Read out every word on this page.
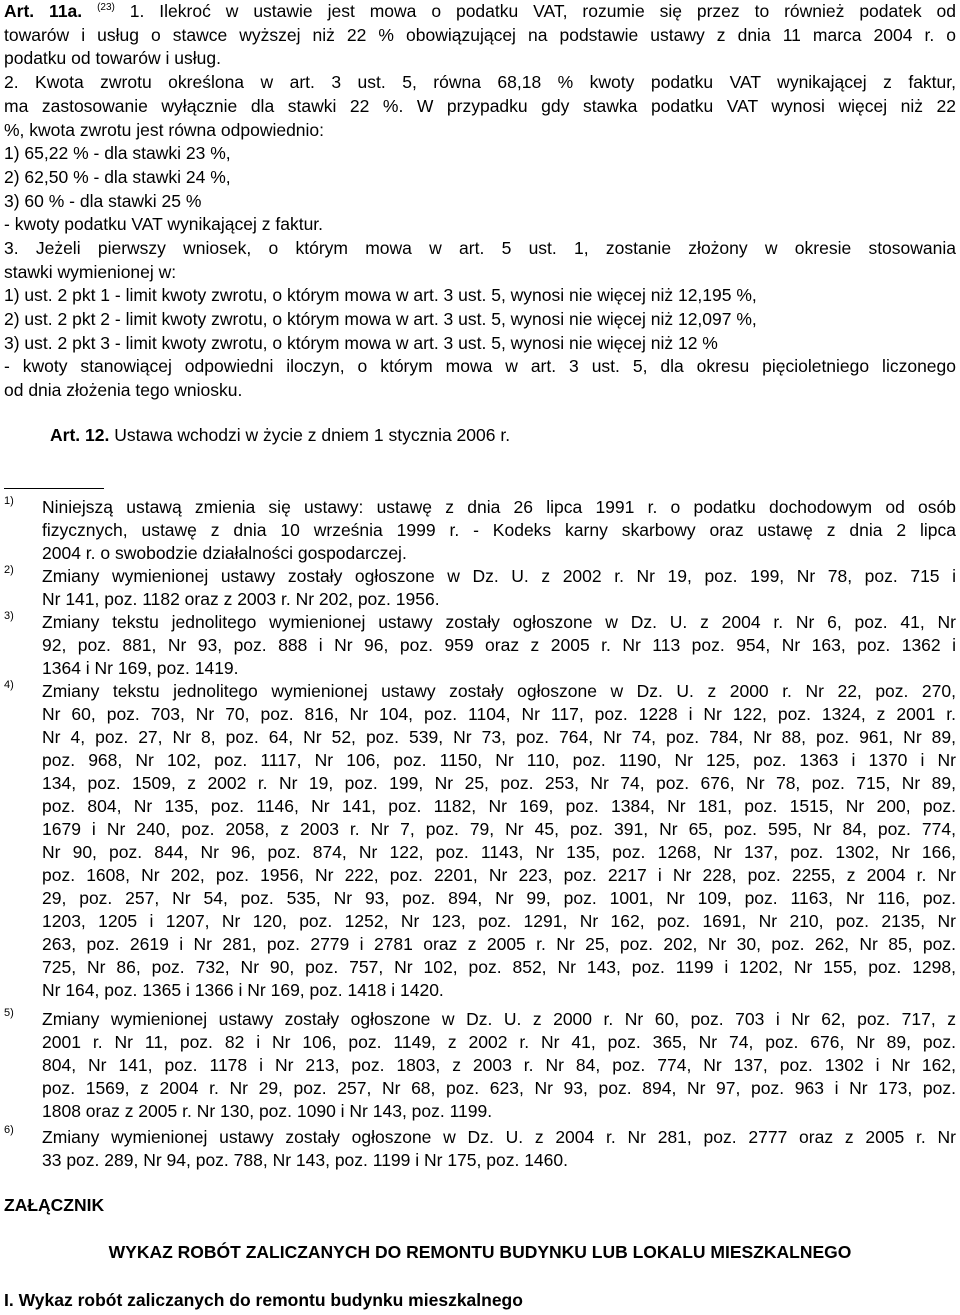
Art. 11a. $^{(23)}$ 1. Ilekroć w ustawie jest mowa o podatku VAT, rozumie się przez to również podatek od
towarów i usług o stawce wyższej niż 22 % obowiązującej na podstawie ustawy z dnia 11 marca 2004 r. o
podatku od towarów i usług.
2. Kwota zwrotu określona w art. 3 ust. 5, równa 68,18 % kwoty podatku VAT wynikającej z faktur,
ma zastosowanie wyłącznie dla stawki 22 %. W przypadku gdy stawka podatku VAT wynosi więcej niż 22
%, kwota zwrotu jest równa odpowiednio:
1) 65,22 % - dla stawki 23 %,
2) 62,50 % - dla stawki 24 %,
3) 60 % - dla stawki 25 %
- kwoty podatku VAT wynikającej z faktur.
3. Jeżeli pierwszy wniosek, o którym mowa w art. 5 ust. 1, zostanie złożony w okresie stosowania
stawki wymienionej w:
1) ust. 2 pkt 1 - limit kwoty zwrotu, o którym mowa w art. 3 ust. 5, wynosi nie więcej niż 12,195 %,
2) ust. 2 pkt 2 - limit kwoty zwrotu, o którym mowa w art. 3 ust. 5, wynosi nie więcej niż 12,097 %,
3) ust. 2 pkt 3 - limit kwoty zwrotu, o którym mowa w art. 3 ust. 5, wynosi nie więcej niż 12 %
- kwoty stanowiącej odpowiedni iloczyn, o którym mowa w art. 3 ust. 5, dla okresu pięcioletniego liczonego
od dnia złożenia tego wniosku.
Art. 12. Ustawa wchodzi w życie z dniem 1 stycznia 2006 r.
1) Niniejszą ustawą zmienia się ustawy: ustawę z dnia 26 lipca 1991 r. o podatku dochodowym od osób
fizycznych, ustawę z dnia 10 września 1999 r. - Kodeks karny skarbowy oraz ustawę z dnia 2 lipca
2004 r. o swobodzie działalności gospodarczej.
2) Zmiany wymienionej ustawy zostały ogłoszone w Dz. U. z 2002 r. Nr 19, poz. 199, Nr 78, poz. 715 i
Nr 141, poz. 1182 oraz z 2003 r. Nr 202, poz. 1956.
3) Zmiany tekstu jednolitego wymienionej ustawy zostały ogłoszone w Dz. U. z 2004 r. Nr 6, poz. 41, Nr
92, poz. 881, Nr 93, poz. 888 i Nr 96, poz. 959 oraz z 2005 r. Nr 113 poz. 954, Nr 163, poz. 1362 i
1364 i Nr 169, poz. 1419.
4) Zmiany tekstu jednolitego wymienionej ustawy zostały ogłoszone w Dz. U. z 2000 r. Nr 22, poz. 270,
Nr 60, poz. 703, Nr 70, poz. 816, Nr 104, poz. 1104, Nr 117, poz. 1228 i Nr 122, poz. 1324, z 2001 r.
Nr 4, poz. 27, Nr 8, poz. 64, Nr 52, poz. 539, Nr 73, poz. 764, Nr 74, poz. 784, Nr 88, poz. 961, Nr 89,
poz. 968, Nr 102, poz. 1117, Nr 106, poz. 1150, Nr 110, poz. 1190, Nr 125, poz. 1363 i 1370 i Nr
134, poz. 1509, z 2002 r. Nr 19, poz. 199, Nr 25, poz. 253, Nr 74, poz. 676, Nr 78, poz. 715, Nr 89,
poz. 804, Nr 135, poz. 1146, Nr 141, poz. 1182, Nr 169, poz. 1384, Nr 181, poz. 1515, Nr 200, poz.
1679 i Nr 240, poz. 2058, z 2003 r. Nr 7, poz. 79, Nr 45, poz. 391, Nr 65, poz. 595, Nr 84, poz. 774,
Nr 90, poz. 844, Nr 96, poz. 874, Nr 122, poz. 1143, Nr 135, poz. 1268, Nr 137, poz. 1302, Nr 166,
poz. 1608, Nr 202, poz. 1956, Nr 222, poz. 2201, Nr 223, poz. 2217 i Nr 228, poz. 2255, z 2004 r. Nr
29, poz. 257, Nr 54, poz. 535, Nr 93, poz. 894, Nr 99, poz. 1001, Nr 109, poz. 1163, Nr 116, poz.
1203, 1205 i 1207, Nr 120, poz. 1252, Nr 123, poz. 1291, Nr 162, poz. 1691, Nr 210, poz. 2135, Nr
263, poz. 2619 i Nr 281, poz. 2779 i 2781 oraz z 2005 r. Nr 25, poz. 202, Nr 30, poz. 262, Nr 85, poz.
725, Nr 86, poz. 732, Nr 90, poz. 757, Nr 102, poz. 852, Nr 143, poz. 1199 i 1202, Nr 155, poz. 1298,
Nr 164, poz. 1365 i 1366 i Nr 169, poz. 1418 i 1420.
5) Zmiany wymienionej ustawy zostały ogłoszone w Dz. U. z 2000 r. Nr 60, poz. 703 i Nr 62, poz. 717, z
2001 r. Nr 11, poz. 82 i Nr 106, poz. 1149, z 2002 r. Nr 41, poz. 365, Nr 74, poz. 676, Nr 89, poz.
804, Nr 141, poz. 1178 i Nr 213, poz. 1803, z 2003 r. Nr 84, poz. 774, Nr 137, poz. 1302 i Nr 162,
poz. 1569, z 2004 r. Nr 29, poz. 257, Nr 68, poz. 623, Nr 93, poz. 894, Nr 97, poz. 963 i Nr 173, poz.
1808 oraz z 2005 r. Nr 130, poz. 1090 i Nr 143, poz. 1199.
6) Zmiany wymienionej ustawy zostały ogłoszone w Dz. U. z 2004 r. Nr 281, poz. 2777 oraz z 2005 r. Nr
33 poz. 289, Nr 94, poz. 788, Nr 143, poz. 1199 i Nr 175, poz. 1460.
ZAŁĄCZNIK
WYKAZ ROBÓT ZALICZANYCH DO REMONTU BUDYNKU LUB LOKALU MIESZKALNEGO
I. Wykaz robót zaliczanych do remontu budynku mieszkalnego
